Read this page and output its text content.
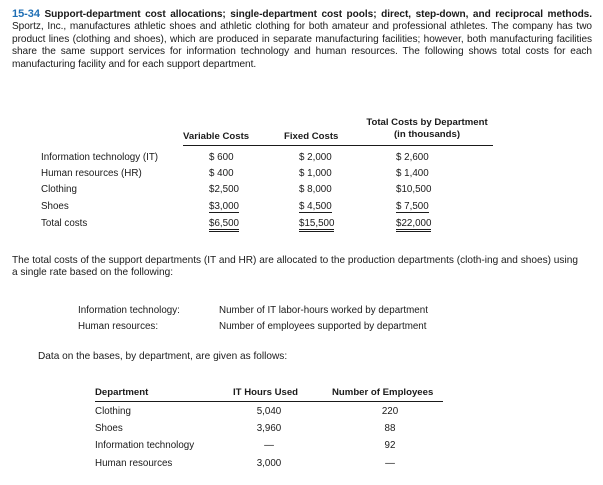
15-34 Support-department cost allocations; single-department cost pools; direct, step-down, and reciprocal methods. Sportz, Inc., manufactures athletic shoes and athletic clothing for both amateur and professional athletes. The company has two product lines (clothing and shoes), which are produced in separate manufacturing facilities; however, both manufacturing facilities share the same support services for information technology and human resources. The following shows total costs for each manufacturing facility and for each support department.
Variable Costs	Fixed Costs
Total Costs by Department
(in thousands)
Information technology (IT)	$ 600	$ 2,000	$ 2,600
Human resources (HR)	$ 400	$ 1,000	$ 1,400
Clothing	$2,500	$ 8,000	$10,500
Shoes	$3,000	$ 4,500	$ 7,500
Total costs	$6,500	$15,500	$22,000
The total costs of the support departments (IT and HR) are allocated to the production departments (cloth-ing and shoes) using a single rate based on the following:
Information technology:	Number of IT labor-hours worked by department
Human resources:	Number of employees supported by department
Data on the bases, by department, are given as follows:
Department	IT Hours Used	Number of Employees
Clothing	5,040	220
Shoes	3,960	88
Information technology	—	92
Human resources	3,000	—
